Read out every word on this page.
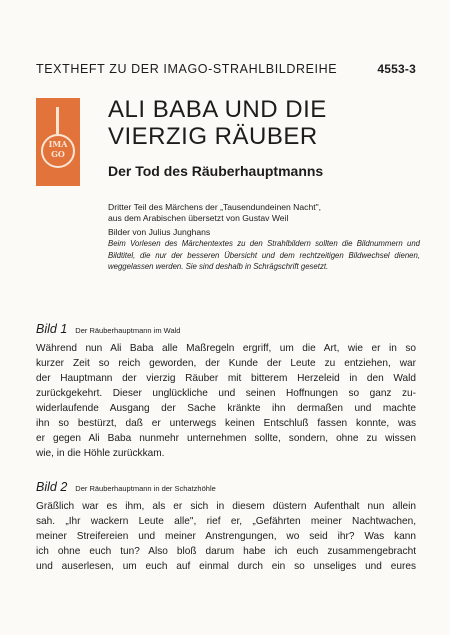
TEXTHEFT ZU DER IMAGO-STRAHLBILDREIHE	4553-3
IMA
GO
ALI BABA UND DIE
VIERZIG RÄUBER
Der Tod des Räuberhauptmanns
Dritter Teil des Märchens der „Tausendundeinen Nacht",
aus dem Arabischen übersetzt von Gustav Weil
Bilder von Julius Junghans
Beim Vorlesen des Märchentextes zu den Strahlbildern sollten die Bildnummern und Bildtitel, die nur der besseren Übersicht und dem rechtzeitigen Bildwechsel dienen, weggelassen werden. Sie sind deshalb in Schrägschrift gesetzt.
Bild 1 Der Räuberhauptmann im Wald
Während nun Ali Baba alle Maßregeln ergriff, um die Art, wie er in so
kurzer Zeit so reich geworden, der Kunde der Leute zu entziehen, war
der Hauptmann der vierzig Räuber mit bitterem Herzeleid in den Wald
zurückgekehrt. Dieser unglückliche und seinen Hoffnungen so ganz zu-
widerlaufende Ausgang der Sache kränkte ihn dermaßen und machte
ihn so bestürzt, daß er unterwegs keinen Entschluß fassen konnte, was
er gegen Ali Baba nunmehr unternehmen sollte, sondern, ohne zu wissen
wie, in die Höhle zurückkam.
Bild 2 Der Räuberhauptmann in der Schatzhöhle
Gräßlich war es ihm, als er sich in diesem düstern Aufenthalt nun allein
sah. „Ihr wackern Leute alle", rief er, „Gefährten meiner Nachtwachen,
meiner Streifereien und meiner Anstrengungen, wo seid ihr? Was kann
ich ohne euch tun? Also bloß darum habe ich euch zusammengebracht
und auserlesen, um euch auf einmal durch ein so unseliges und eures
